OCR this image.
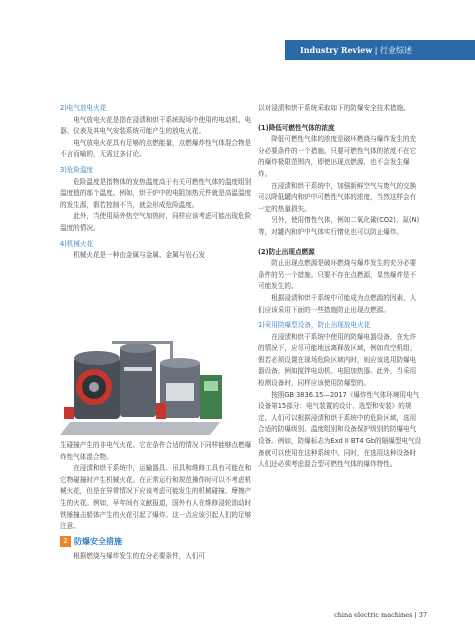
Industry Review | 行业综述

2)电气放电火花

电气放电火花是指在浸渍和烘干系统现场中使用的电动机、电器、仪表及其电气安装系统可能产生的放电火花。

电气放电火花具有足够的点燃能量，点燃爆炸性气体混合物是不言而喻的，无需过多讨论。

3)危险温度

危险温度是指物体的发热温度高于有关可燃性气体的温度组别温度值的那个温度。例如，烘干炉中的电阻加热元件就是高温温度的发生源，假若控制不当，就会形成危险温度。

此外，当使用局外热空气加热时，同样应该考虑可能出现危险温度的情况。

4)机械火花

机械火花是一种由金属与金属、金属与岩石发

生碰撞产生的非电气火花。它在条件合适的情况下同样能够点燃爆炸性气体混合物。

在浸渍和烘干系统中，运输器具、吊具和维修工具有可能在和它物碰撞时产生机械火花。在正常运行和规范操作时可以不考虑机械火花，但是在异常情况下应该考虑可能发生的机械碰撞、摩擦产生的火花。例如，早年间有文献报道，国外有人在维修浸轮油动时铁锤撞击船体产生的火花引起了爆炸。这一点应该引起人们的足够注意。

2 防爆安全措施

根据燃烧与爆炸发生的充分必要条件，人们可

以对浸渍和烘干系统采取如下的防爆安全技术措施。

(1)降低可燃性气体的浓度

降低可燃性气体的浓度是破坏燃烧与爆炸发生的充分必要条件的一个措施。只要可燃性气体的浓度不在它的爆炸极限范围内，即使出现点燃源，也不会发生爆炸。

在浸渍和烘干系统中，加强新鲜空气与废气的交换可以降低罐内和炉中可燃性气体的浓度，当然这样会有一定的热量损失。

另外，使用惰性气体，例如二氧化碳(CO2)、氮(N)等，对罐内和炉中气体实行惰化也可以防止爆炸。

(2)防止出现点燃源

防止出现点燃源是破坏燃烧与爆炸发生的充分必要条件的另一个措施。只要不存在点燃源，显然爆炸是不可能发生的。

根据浸渍和烘干系统中可能成为点燃源的因素，人们应该采用下面的一些措施防止出现点燃源。

1)采用防爆型设备，防止出现放电火花

在浸渍和烘干系统中使用的防爆电器设备，在允许的情况下，应尽可能地远离释放区域，例如真空机组；假若必须设置在现场危险区域内时，则应该选用防爆电器设备，例如搅拌电动机、电阻加热器。此外，当采用检测设备时，同样应该使用防爆型的。

按照GB 3836.15—2017《爆炸性气体环境用电气设备第15部分：电气装置的设计、选型和安装》的规定，人们可以根据浸渍和烘干系统中的危险区域，选用合适的防爆级别、温度组别和设备保护级别的防爆电气设备。例如，防爆标志为Exd II BT4 Gb的隔爆型电气设备就可以使用在这种系统中。同时，在选用这种设备时人们还必须考虑混合型可燃性气体的爆炸特性。

china electric machines | 37
